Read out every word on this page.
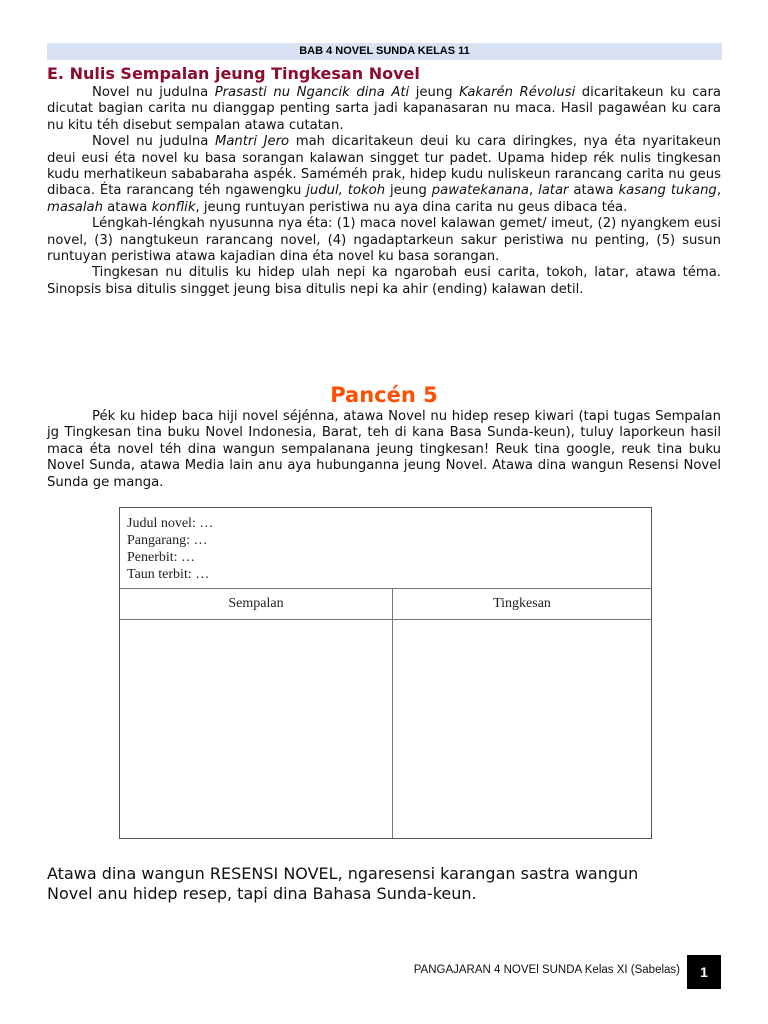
BAB 4 NOVEL SUNDA KELAS 11
E. Nulis Sempalan jeung Tingkesan Novel

Novel nu judulna Prasasti nu Ngancik dina Ati jeung Kakarén Révolusi dicaritakeun ku cara dicutat bagian carita nu dianggap penting sarta jadi kapanasaran nu maca. Hasil pagawéan ku cara nu kitu téh disebut sempalan atawa cutatan.

Novel nu judulna Mantri Jero mah dicaritakeun deui ku cara diringkes, nya éta nyaritakeun deui eusi éta novel ku basa sorangan kalawan singget tur padet. Upama hidep rék nulis tingkesan kudu merhatikeun sababaraha aspék. Saméméh prak, hidep kudu nuliskeun rarancang carita nu geus dibaca. Éta rarancang téh ngawengku judul, tokoh jeung pawatekanana, latar atawa kasang tukang, masalah atawa konflik, jeung runtuyan peristiwa nu aya dina carita nu geus dibaca téa.

Léngkah-léngkah nyusunna nya éta: (1) maca novel kalawan gemet/ imeut, (2) nyangkem eusi novel, (3) nangtukeun rarancang novel, (4) ngadaptarkeun sakur peristiwa nu penting, (5) susun runtuyan peristiwa atawa kajadian dina éta novel ku basa sorangan.

Tingkesan nu ditulis ku hidep ulah nepi ka ngarobah eusi carita, tokoh, latar, atawa téma. Sinopsis bisa ditulis singget jeung bisa ditulis nepi ka ahir (ending) kalawan detil.

Pancén 5

Pék ku hidep baca hiji novel séjénna, atawa Novel nu hidep resep kiwari (tapi tugas Sempalan jg Tingkesan tina buku Novel Indonesia, Barat, teh di kana Basa Sunda-keun), tuluy laporkeun hasil maca éta novel téh dina wangun sempalanana jeung tingkesan! Reuk tina google, reuk tina buku Novel Sunda, atawa Media lain anu aya hubunganna jeung Novel. Atawa dina wangun Resensi Novel Sunda ge manga.

Judul novel: …
Pangarang: …
Penerbit: …
Taun terbit: …
Sempalan	Tingkesan

Atawa dina wangun RESENSI NOVEL, ngaresensi karangan sastra wangun

Novel anu hidep resep, tapi dina Bahasa Sunda-keun.

PANGAJARAN 4 NOVEl SUNDA Kelas XI (Sabelas)	1
